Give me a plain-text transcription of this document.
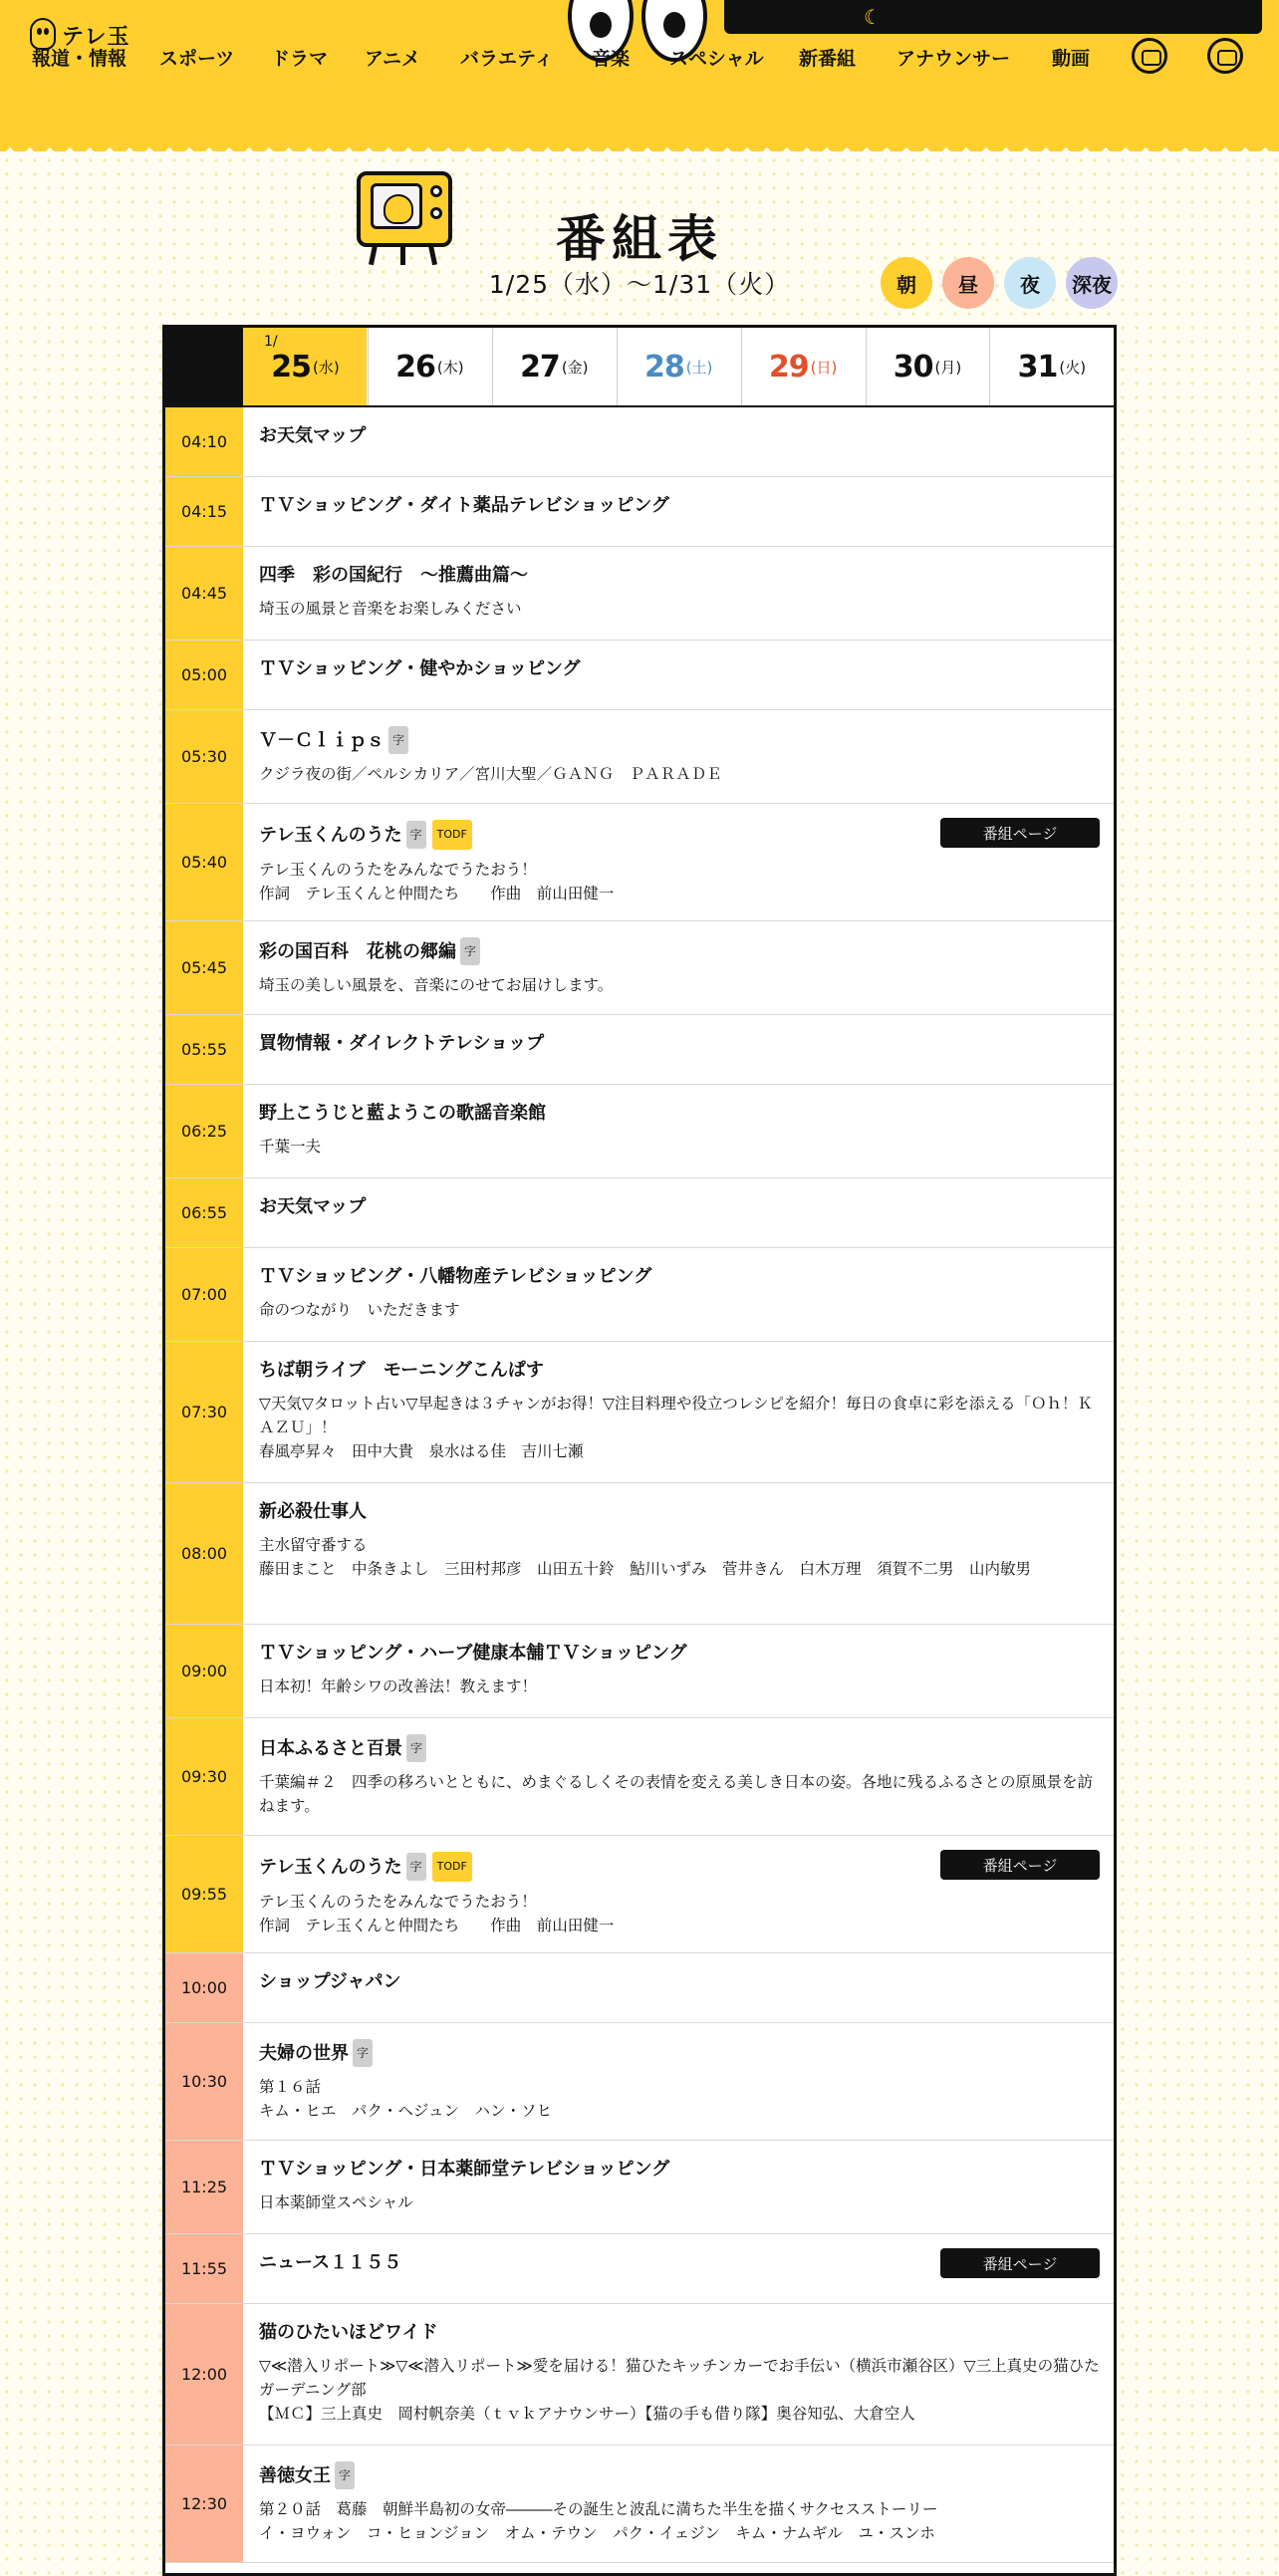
テレ玉
☾
報道・情報 スポーツ ドラマ アニメ バラエティ 音楽 スペシャル 新番組 アナウンサー 動画
番組表
1/25（水）〜1/31（火）	朝	昼	夜	深夜
1/
25 (水) 26 (木) 27 (金) 28 (土) 29 (日) 30 (月) 31 (火)
04:10	お天気マップ
04:15	ＴＶショッピング・ダイト薬品テレビショッピング
04:45
四季　彩の国紀行　～推薦曲篇～
埼玉の風景と音楽をお楽しみください
05:00	ＴＶショッピング・健やかショッピング
05:30
Ｖ－Ｃｌｉｐｓ 字
クジラ夜の街／ペルシカリア／宮川大聖／ＧＡＮＧ　ＰＡＲＡＤＥ
05:40
テレ玉くんのうた 字 TODF
テレ玉くんのうたをみんなでうたおう！
作詞　テレ玉くんと仲間たち　　作曲　前山田健一
番組ページ
05:45
彩の国百科　花桃の郷編 字
埼玉の美しい風景を、音楽にのせてお届けします。
05:55	買物情報・ダイレクトテレショップ
06:25
野上こうじと藍ようこの歌謡音楽館
千葉一夫
06:55	お天気マップ
07:00
ＴＶショッピング・八幡物産テレビショッピング
命のつながり　いただきます
07:30
ちば朝ライブ　モーニングこんぱす
▽天気▽タロット占い▽早起きは３チャンがお得！▽注目料理や役立つレシピを紹介！毎日の食卓に彩を添える「Ｏｈ！ＫＡＺＵ」！
春風亭昇々　田中大貴　泉水はる佳　吉川七瀬
08:00
新必殺仕事人
主水留守番する
藤田まこと　中条きよし　三田村邦彦　山田五十鈴　鮎川いずみ　菅井きん　白木万理　須賀不二男　山内敏男
09:00
ＴＶショッピング・ハーブ健康本舗ＴＶショッピング
日本初！年齢シワの改善法！教えます！
09:30
日本ふるさと百景 字
千葉編＃２　四季の移ろいとともに、めまぐるしくその表情を変える美しき日本の姿。各地に残るふるさとの原風景を訪ねます。
09:55
テレ玉くんのうた 字 TODF
テレ玉くんのうたをみんなでうたおう！
作詞　テレ玉くんと仲間たち　　作曲　前山田健一
番組ページ
10:00	ショップジャパン
10:30
夫婦の世界 字
第１６話
キム・ヒエ　パク・ヘジュン　ハン・ソヒ
11:25
ＴＶショッピング・日本薬師堂テレビショッピング
日本薬師堂スペシャル
11:55	ニュース１１５５	番組ページ
12:00
猫のひたいほどワイド
▽≪潜入リポート≫▽≪潜入リポート≫愛を届ける！猫ひたキッチンカーでお手伝い（横浜市瀬谷区）▽三上真史の猫ひたガーデニング部
【ＭＣ】三上真史　岡村帆奈美（ｔｖｋアナウンサー）【猫の手も借り隊】奥谷知弘、大倉空人
12:30
善徳女王 字
第２０話　葛藤　朝鮮半島初の女帝―――その誕生と波乱に満ちた半生を描くサクセスストーリー
イ・ヨウォン　コ・ヒョンジョン　オム・テウン　パク・イェジン　キム・ナムギル　ユ・スンホ
